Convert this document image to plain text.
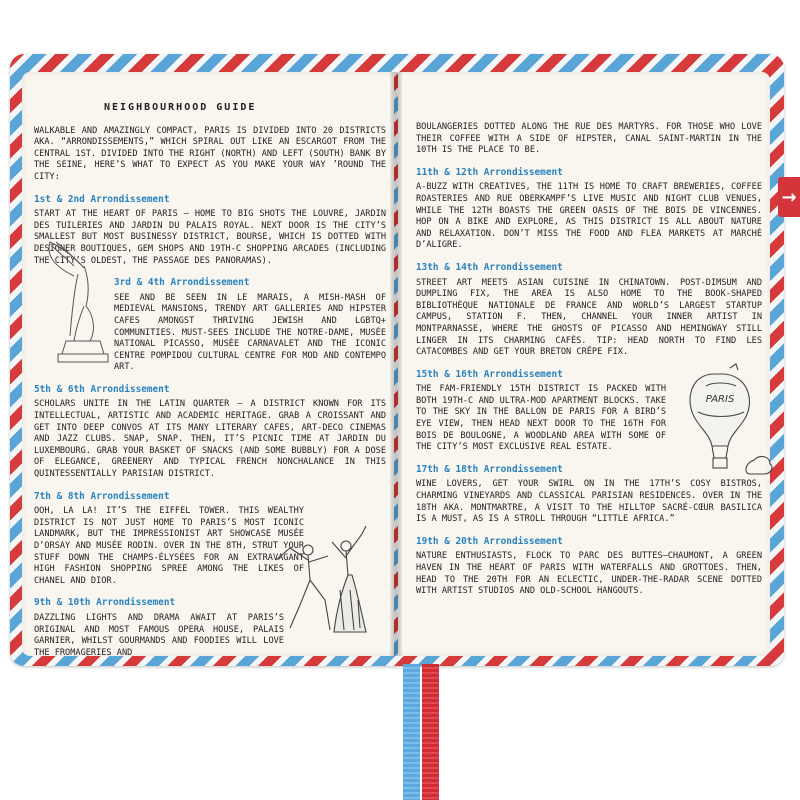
→
NEIGHBOURHOOD GUIDE

WALKABLE AND AMAZINGLY COMPACT, PARIS IS DIVIDED INTO 20 DISTRICTS AKA. “ARRONDISSEMENTS,” WHICH SPIRAL OUT LIKE AN ESCARGOT FROM THE CENTRAL 1ST. DIVIDED INTO THE RIGHT (NORTH) AND LEFT (SOUTH) BANK BY THE SEINE, HERE’S WHAT TO EXPECT AS YOU MAKE YOUR WAY ’ROUND THE CITY:

1st & 2nd Arrondissement

START AT THE HEART OF PARIS — HOME TO BIG SHOTS THE LOUVRE, JARDIN DES TUILERIES AND JARDIN DU PALAIS ROYAL. NEXT DOOR IS THE CITY’S SMALLEST BUT MOST BUSINESSY DISTRICT, BOURSE, WHICH IS DOTTED WITH DESIGNER BOUTIQUES, GEM SHOPS AND 19TH-C SHOPPING ARCADES (INCLUDING THE CITY’S OLDEST, THE PASSAGE DES PANORAMAS).

3rd & 4th Arrondissement

SEE AND BE SEEN IN LE MARAIS, A MISH-MASH OF MEDIEVAL MANSIONS, TRENDY ART GALLERIES AND HIPSTER CAFES AMONGST THRIVING JEWISH AND LGBTQ+ COMMUNITIES. MUST-SEES INCLUDE THE NOTRE-DAME, MUSÉE NATIONAL PICASSO, MUSÉE CARNAVALET AND THE ICONIC CENTRE POMPIDOU CULTURAL CENTRE FOR MOD AND CONTEMPO ART.

5th & 6th Arrondissement

SCHOLARS UNITE IN THE LATIN QUARTER — A DISTRICT KNOWN FOR ITS INTELLECTUAL, ARTISTIC AND ACADEMIC HERITAGE. GRAB A CROISSANT AND GET INTO DEEP CONVOS AT ITS MANY LITERARY CAFES, ART-DECO CINEMAS AND JAZZ CLUBS. SNAP, SNAP. THEN, IT’S PICNIC TIME AT JARDIN DU LUXEMBOURG. GRAB YOUR BASKET OF SNACKS (AND SOME BUBBLY) FOR A DOSE OF ELEGANCE, GREENERY AND TYPICAL FRENCH NONCHALANCE IN THIS QUINTESSENTIALLY PARISIAN DISTRICT.

7th & 8th Arrondissement

OOH, LA LA! IT’S THE EIFFEL TOWER. THIS WEALTHY DISTRICT IS NOT JUST HOME TO PARIS’S MOST ICONIC LANDMARK, BUT THE IMPRESSIONIST ART SHOWCASE MUSÉE D’ORSAY AND MUSÉE RODIN. OVER IN THE 8TH, STRUT YOUR STUFF DOWN THE CHAMPS-ÉLYSÉES FOR AN EXTRAVAGANT HIGH FASHION SHOPPING SPREE AMONG THE LIKES OF CHANEL AND DIOR.

9th & 10th Arrondissement

DAZZLING LIGHTS AND DRAMA AWAIT AT PARIS’S ORIGINAL AND MOST FAMOUS OPERA HOUSE, PALAIS GARNIER, WHILST GOURMANDS AND FOODIES WILL LOVE THE FROMAGERIES AND

BOULANGERIES DOTTED ALONG THE RUE DES MARTYRS. FOR THOSE WHO LOVE THEIR COFFEE WITH A SIDE OF HIPSTER, CANAL SAINT-MARTIN IN THE 10TH IS THE PLACE TO BE.

11th & 12th Arrondissement

A-BUZZ WITH CREATIVES, THE 11TH IS HOME TO CRAFT BREWERIES, COFFEE ROASTERIES AND RUE OBERKAMPF’S LIVE MUSIC AND NIGHT CLUB VENUES, WHILE THE 12TH BOASTS THE GREEN OASIS OF THE BOIS DE VINCENNES. HOP ON A BIKE AND EXPLORE, AS THIS DISTRICT IS ALL ABOUT NATURE AND RELAXATION. DON’T MISS THE FOOD AND FLEA MARKETS AT MARCHÉ D’ALIGRE.

13th & 14th Arrondissement

STREET ART MEETS ASIAN CUISINE IN CHINATOWN. POST-DIMSUM AND DUMPLING FIX, THE AREA IS ALSO HOME TO THE BOOK-SHAPED BIBLIOTHÈQUE NATIONALE DE FRANCE AND WORLD’S LARGEST STARTUP CAMPUS, STATION F. THEN, CHANNEL YOUR INNER ARTIST IN MONTPARNASSE, WHERE THE GHOSTS OF PICASSO AND HEMINGWAY STILL LINGER IN ITS CHARMING CAFÉS. TIP: HEAD NORTH TO FIND LES CATACOMBES AND GET YOUR BRETON CRÊPE FIX.

15th & 16th Arrondissement

THE FAM-FRIENDLY 15TH DISTRICT IS PACKED WITH BOTH 19TH-C AND ULTRA-MOD APARTMENT BLOCKS. TAKE TO THE SKY IN THE BALLON DE PARIS FOR A BIRD’S EYE VIEW, THEN HEAD NEXT DOOR TO THE 16TH FOR BOIS DE BOULOGNE, A WOODLAND AREA WITH SOME OF THE CITY’S MOST EXCLUSIVE REAL ESTATE.

17th & 18th Arrondissement

WINE LOVERS, GET YOUR SWIRL ON IN THE 17TH’S COSY BISTROS, CHARMING VINEYARDS AND CLASSICAL PARISIAN RESIDENCES. OVER IN THE 18TH AKA. MONTMARTRE, A VISIT TO THE HILLTOP SACRÉ-CŒUR BASILICA IS A MUST, AS IS A STROLL THROUGH “LITTLE AFRICA.”

19th & 20th Arrondissement

NATURE ENTHUSIASTS, FLOCK TO PARC DES BUTTES—CHAUMONT, A GREEN HAVEN IN THE HEART OF PARIS WITH WATERFALLS AND GROTTOES. THEN, HEAD TO THE 20TH FOR AN ECLECTIC, UNDER-THE-RADAR SCENE DOTTED WITH ARTIST STUDIOS AND OLD-SCHOOL HANGOUTS.

PARIS
